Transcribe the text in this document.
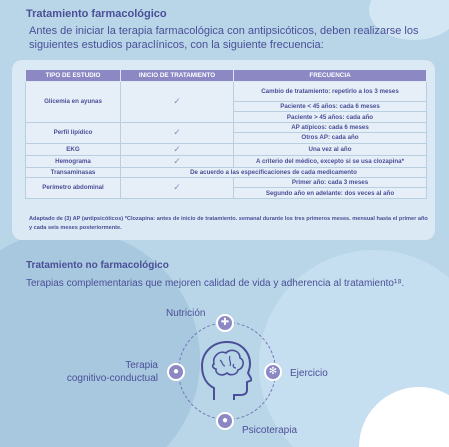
Tratamiento farmacológico
Antes de iniciar la terapia farmacológica con antipsicóticos, deben realizarse los siguientes estudios paraclínicos, con la siguiente frecuencia:
TIPO DE ESTUDIO	INICIO DE TRATAMIENTO	FRECUENCIA
Glicemia en ayunas	✓	Cambio de tratamiento: repetirlo a los 3 meses
		Paciente < 45 años: cada 6 meses
		Paciente > 45 años: cada año
Perfil lipídico	✓	AP atípicos: cada 6 meses
		Otros AP: cada año
EKG	✓	Una vez al año
Hemograma	✓	A criterio del médico, excepto si se usa clozapina*
Transaminasas	De acuerdo a las especificaciones de cada medicamento	
Perímetro abdominal	✓	Primer año: cada 3 meses
		Segundo año en adelante: dos veces al año
Adaptado de (3) AP (antipsicóticos) *Clozapina: antes de inicio de tratamiento. semanal durante los tres primeros meses. mensual hasta el primer año y cada seis meses posteriormente.
Tratamiento no farmacológico
Terapias complementarias que mejoren calidad de vida y adherencia al tratamiento¹⁸.
✚
●	✻
●
Nutrición
Terapia
cognitivo-conductual	Ejercicio
Psicoterapia
